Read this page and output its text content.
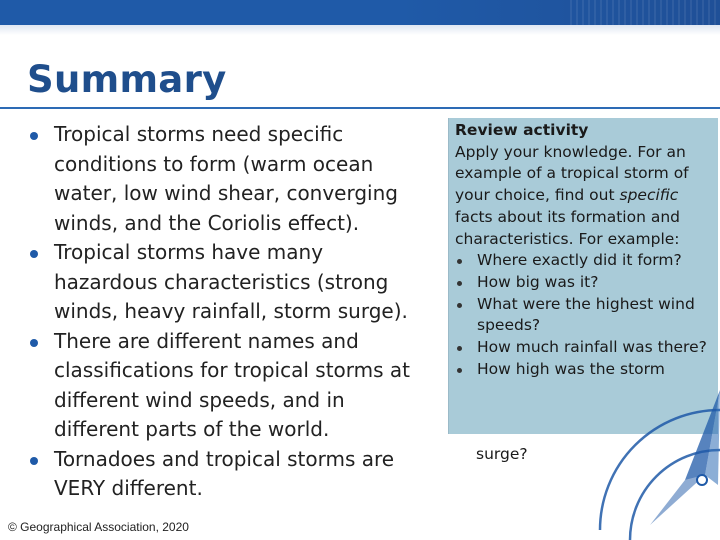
Summary
Tropical storms need specific conditions to form (warm ocean water, low wind shear, converging winds, and the Coriolis effect).
Tropical storms have many hazardous characteristics (strong winds, heavy rainfall, storm surge).
There are different names and classifications for tropical storms at different wind speeds, and in different parts of the world.
Tornadoes and tropical storms are VERY different.
Review activity
Apply your knowledge. For an example of a tropical storm of your choice, find out specific facts about its formation and characteristics. For example:
Where exactly did it form?
How big was it?
What were the highest wind speeds?
How much rainfall was there?
How high was the storm
surge?
© Geographical Association, 2020
